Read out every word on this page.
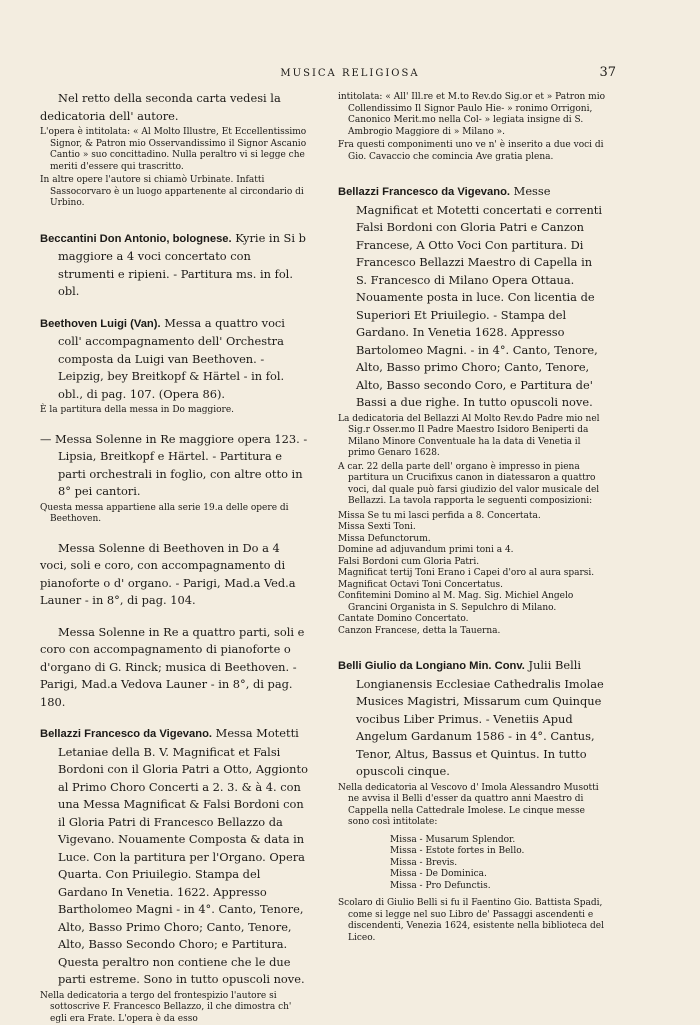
MUSICA RELIGIOSA	37
Nel retto della seconda carta vedesi la dedicatoria dell' autore.
L'opera è intitolata: « Al Molto Illustre, Et Eccellentissimo Signor, & Patron mio Osservandissimo il Signor Ascanio Cantio » suo concittadino. Nulla peraltro vi si legge che meriti d'essere qui trascritto.
In altre opere l'autore si chiamò Urbinate. Infatti Sassocorvaro è un luogo appartenente al circondario di Urbino.
Beccantini Don Antonio, bolognese. Kyrie in Si b maggiore a 4 voci concertato con strumenti e ripieni. - Partitura ms. in fol. obl.
Beethoven Luigi (Van). Messa a quattro voci coll' accompagnamento dell' Orchestra composta da Luigi van Beethoven. - Leipzig, bey Breitkopf & Härtel - in fol. obl., di pag. 107. (Opera 86).
È la partitura della messa in Do maggiore.
— Messa Solenne in Re maggiore opera 123. - Lipsia, Breitkopf e Härtel. - Partitura e parti orchestrali in foglio, con altre otto in 8° pei cantori.
Questa messa appartiene alla serie 19.a delle opere di Beethoven.
Messa Solenne di Beethoven in Do a 4 voci, soli e coro, con accompagnamento di pianoforte o d' organo. - Parigi, Mad.a Ved.a Launer - in 8°, di pag. 104.
Messa Solenne in Re a quattro parti, soli e coro con accompagnamento di pianoforte o d'organo di G. Rinck; musica di Beethoven. - Parigi, Mad.a Vedova Launer - in 8°, di pag. 180.
Bellazzi Francesco da Vigevano. Messa Motetti Letaniae della B. V. Magnificat et Falsi Bordoni con il Gloria Patri a Otto, Aggionto al Primo Choro Concerti a 2. 3. & à 4. con una Messa Magnificat & Falsi Bordoni con il Gloria Patri di Francesco Bellazzo da Vigevano. Nouamente Composta & data in Luce. Con la partitura per l'Organo. Opera Quarta. Con Priuilegio. Stampa del Gardano In Venetia. 1622. Appresso Bartholomeo Magni - in 4°. Canto, Tenore, Alto, Basso Primo Choro; Canto, Tenore, Alto, Basso Secondo Choro; e Partitura. Questa peraltro non contiene che le due parti estreme. Sono in tutto opuscoli nove.
Nella dedicatoria a tergo del frontespizio l'autore si sottoscrive F. Francesco Bellazzo, il che dimostra ch' egli era Frate. L'opera è da esso
intitolata: « All' Ill.re et M.to Rev.do Sig.or et » Patron mio Collendissimo Il Signor Paulo Hie- » ronimo Orrigoni, Canonico Merit.mo nella Col- » legiata insigne di S. Ambrogio Maggiore di » Milano ».
Fra questi componimenti uno ve n' è inserito a due voci di Gio. Cavaccio che comincia Ave gratia plena.
Bellazzi Francesco da Vigevano. Messe Magnificat et Motetti concertati e correnti Falsi Bordoni con Gloria Patri e Canzon Francese, A Otto Voci Con partitura. Di Francesco Bellazzi Maestro di Capella in S. Francesco di Milano Opera Ottaua. Nouamente posta in luce. Con licentia de Superiori Et Priuilegio. - Stampa del Gardano. In Venetia 1628. Appresso Bartolomeo Magni. - in 4°. Canto, Tenore, Alto, Basso primo Choro; Canto, Tenore, Alto, Basso secondo Coro, e Partitura de' Bassi a due righe. In tutto opuscoli nove.
La dedicatoria del Bellazzi Al Molto Rev.do Padre mio nel Sig.r Osser.mo Il Padre Maestro Isidoro Beniperti da Milano Minore Conventuale ha la data di Venetia il primo Genaro 1628.
A car. 22 della parte dell' organo è impresso in piena partitura un Crucifixus canon in diatessaron a quattro voci, dal quale può farsi giudizio del valor musicale del Bellazzi. La tavola rapporta le seguenti composizioni:
Missa Se tu mi lasci perfida a 8. Concertata.
Missa Sexti Toni.
Missa Defunctorum.
Domine ad adjuvandum primi toni a 4.
Falsi Bordoni cum Gloria Patri.
Magnificat tertij Toni Erano i Capei d'oro al aura sparsi.
Magnificat Octavi Toni Concertatus.
Confitemini Domino al M. Mag. Sig. Michiel Angelo Grancini Organista in S. Sepulchro di Milano.
Cantate Domino Concertato.
Canzon Francese, detta la Tauerna.
Belli Giulio da Longiano Min. Conv. Julii Belli Longianensis Ecclesiae Cathedralis Imolae Musices Magistri, Missarum cum Quinque vocibus Liber Primus. - Venetiis Apud Angelum Gardanum 1586 - in 4°. Cantus, Tenor, Altus, Bassus et Quintus. In tutto opuscoli cinque.
Nella dedicatoria al Vescovo d' Imola Alessandro Musotti ne avvisa il Belli d'esser da quattro anni Maestro di Cappella nella Cattedrale Imolese. Le cinque messe sono così intitolate:
Missa - Musarum Splendor.
Missa - Estote fortes in Bello.
Missa - Brevis.
Missa - De Dominica.
Missa - Pro Defunctis.
Scolaro di Giulio Belli si fu il Faentino Gio. Battista Spadi, come si legge nel suo Libro de' Passaggi ascendenti e discendenti, Venezia 1624, esistente nella biblioteca del Liceo.
